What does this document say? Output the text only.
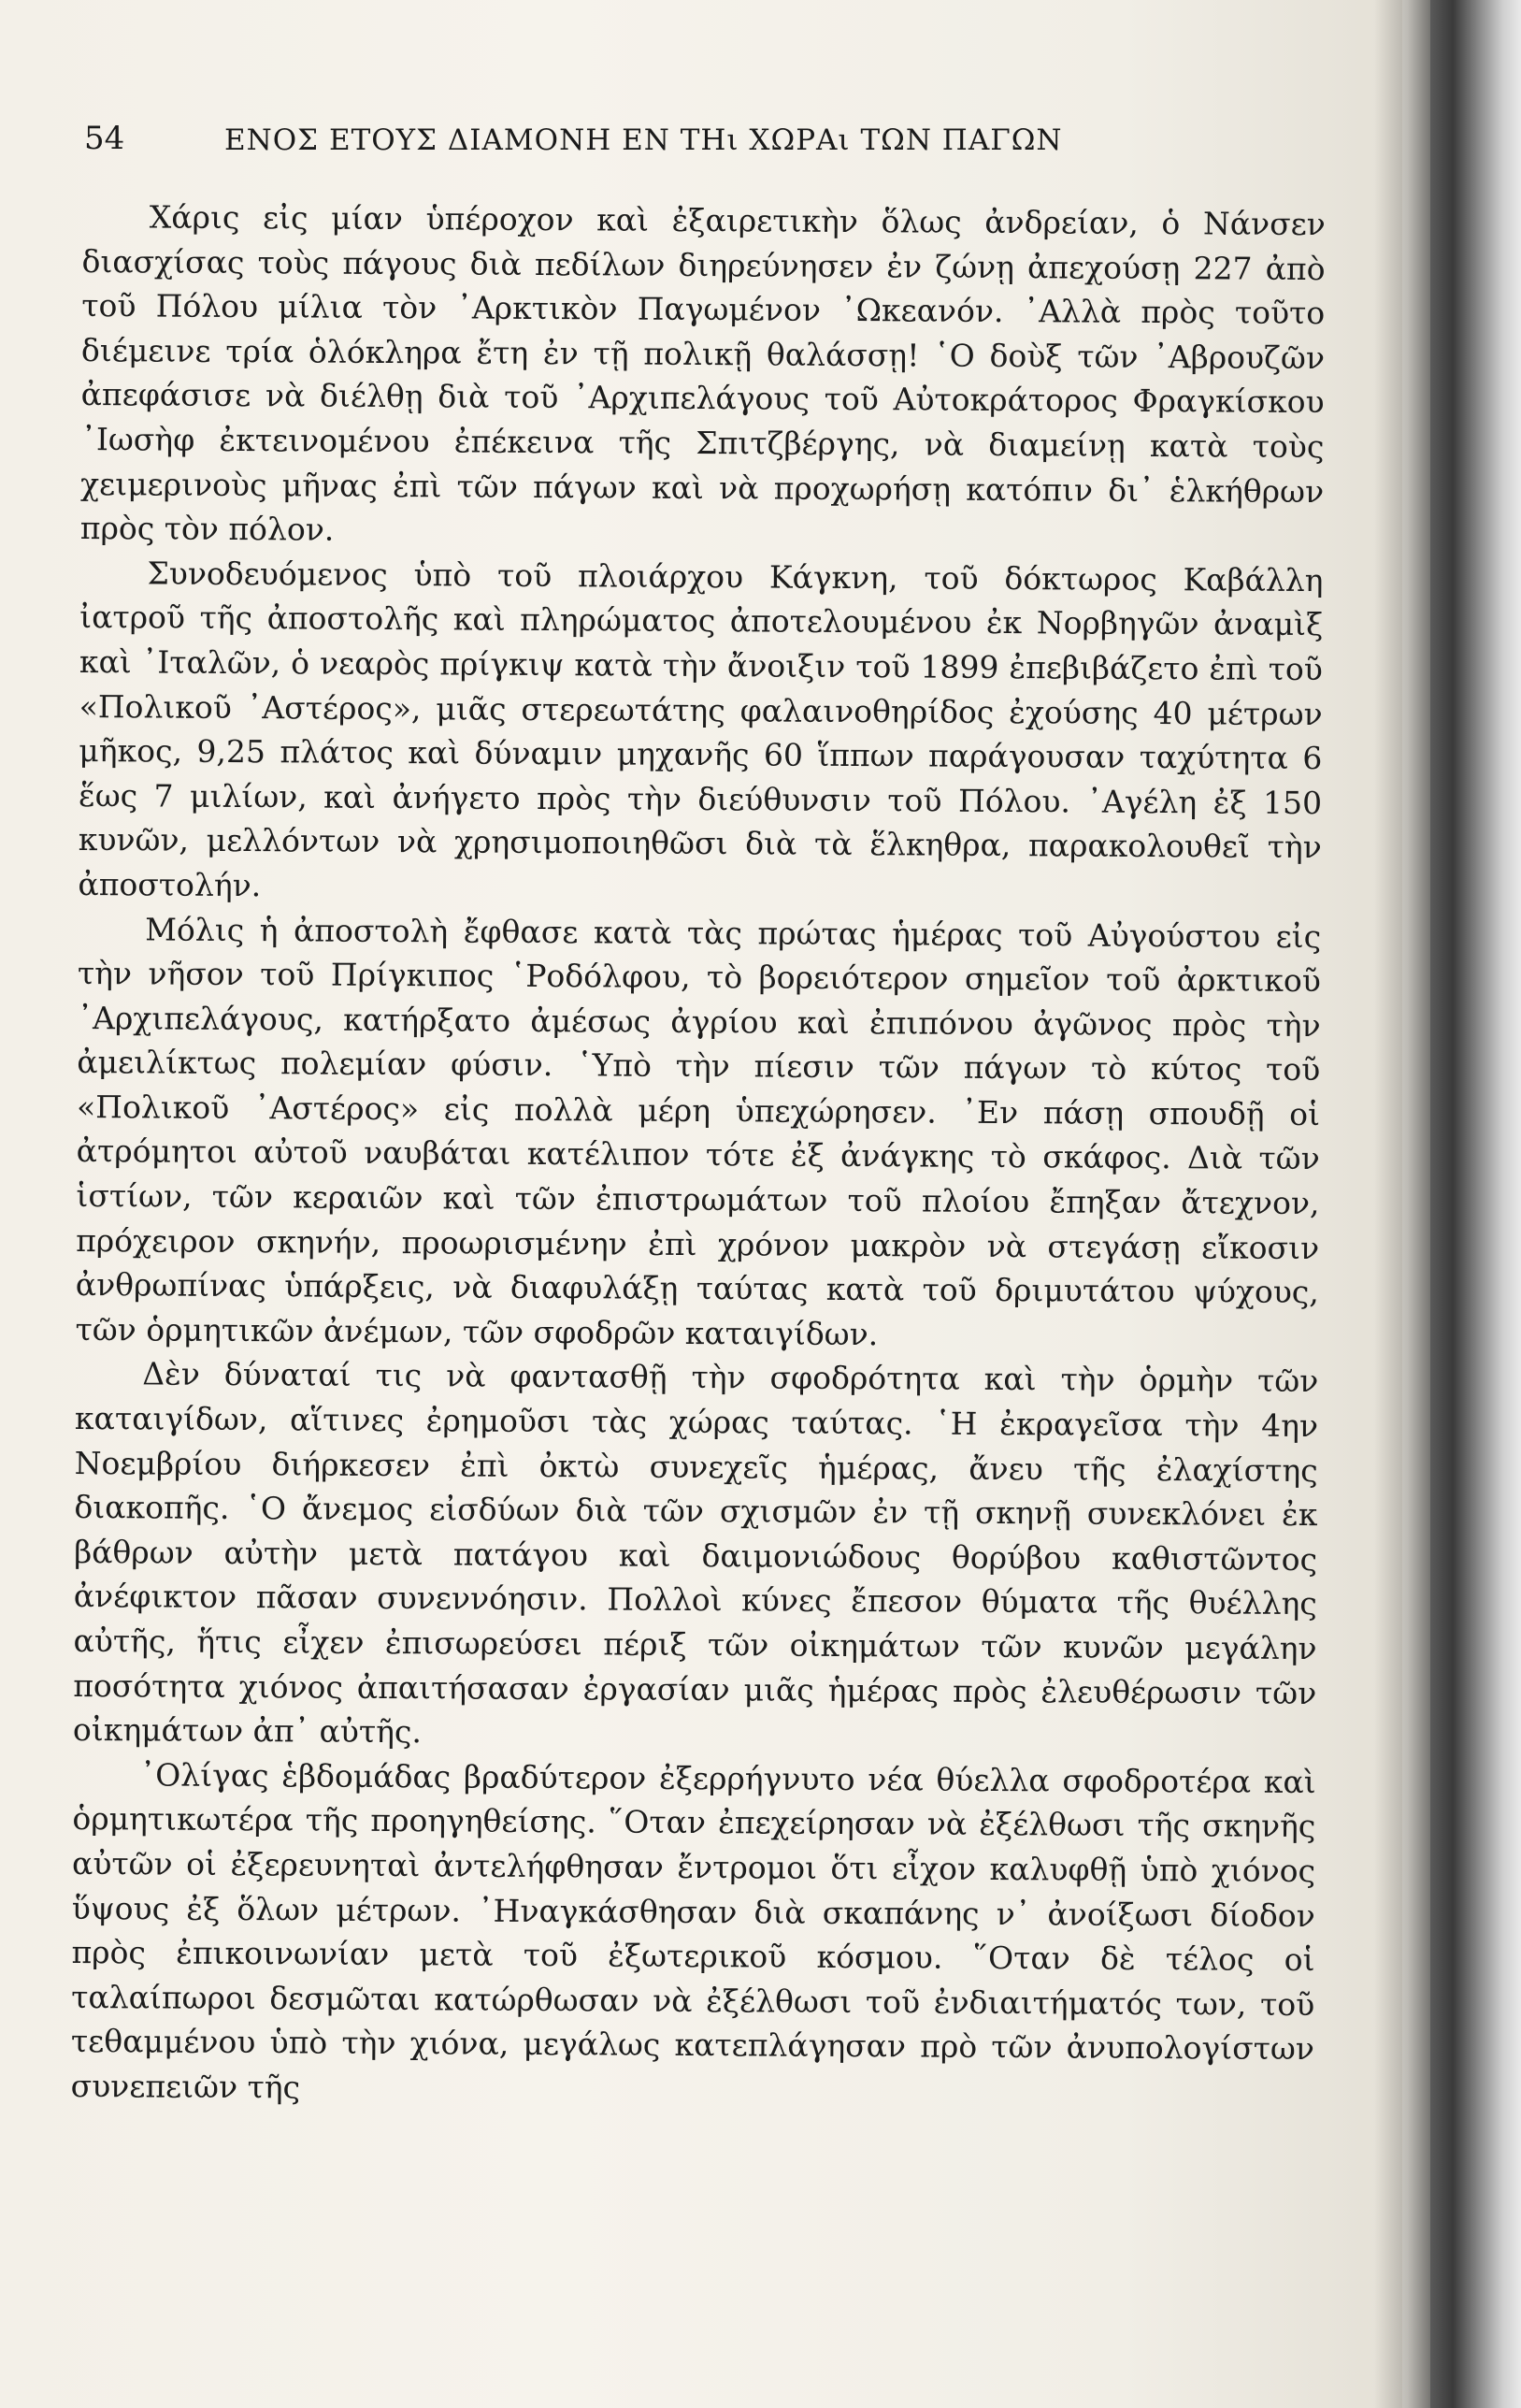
54	ΕΝΟΣ ΕΤΟΥΣ ΔΙΑΜΟΝΗ ΕΝ ΤΗι ΧΩΡΑι ΤΩΝ ΠΑΓΩΝ

Χάρις εἰς μίαν ὑπέροχον καὶ ἐξαιρετικὴν ὅλως ἀνδρείαν, ὁ Νάνσεν διασχίσας τοὺς πάγους διὰ πεδίλων διηρεύνησεν ἐν ζώνῃ ἀπεχούσῃ 227 ἀπὸ τοῦ Πόλου μίλια τὸν ᾿Αρκτικὸν Παγωμένον ᾿Ωκεανόν. ᾿Αλλὰ πρὸς τοῦτο διέμεινε τρία ὁλόκληρα ἔτη ἐν τῇ πολικῇ θαλάσσῃ! ῾Ο δοὺξ τῶν ᾿Αβρουζῶν ἀπεφάσισε νὰ διέλθῃ διὰ τοῦ ᾿Αρχιπελάγους τοῦ Αὐτοκράτορος Φραγκίσκου ᾿Ιωσὴφ ἐκτεινομένου ἐπέκεινα τῆς Σπιτζβέργης, νὰ διαμείνῃ κατὰ τοὺς χειμερινοὺς μῆνας ἐπὶ τῶν πάγων καὶ νὰ προχωρήσῃ κατόπιν δι᾿ ἑλκήθρων πρὸς τὸν πόλον.

Συνοδευόμενος ὑπὸ τοῦ πλοιάρχου Κάγκνη, τοῦ δόκτωρος Καβάλλη ἰατροῦ τῆς ἀποστολῆς καὶ πληρώματος ἀποτελουμένου ἐκ Νορβηγῶν ἀναμὶξ καὶ ᾿Ιταλῶν, ὁ νεαρὸς πρίγκιψ κατὰ τὴν ἄνοιξιν τοῦ 1899 ἐπεβιβάζετο ἐπὶ τοῦ «Πολικοῦ ᾿Αστέρος», μιᾶς στερεωτάτης φαλαινοθηρίδος ἐχούσης 40 μέτρων μῆκος, 9,25 πλάτος καὶ δύναμιν μηχανῆς 60 ἵππων παράγουσαν ταχύτητα 6 ἕως 7 μιλίων, καὶ ἀνήγετο πρὸς τὴν διεύθυνσιν τοῦ Πόλου. ᾿Αγέλη ἐξ 150 κυνῶν, μελλόντων νὰ χρησιμοποιηθῶσι διὰ τὰ ἕλκηθρα, παρακολουθεῖ τὴν ἀποστολήν.

Μόλις ἡ ἀποστολὴ ἔφθασε κατὰ τὰς πρώτας ἡμέρας τοῦ Αὐγούστου εἰς τὴν νῆσον τοῦ Πρίγκιπος ῾Ροδόλφου, τὸ βορειότερον σημεῖον τοῦ ἀρκτικοῦ ᾿Αρχιπελάγους, κατήρξατο ἀμέσως ἀγρίου καὶ ἐπιπόνου ἀγῶνος πρὸς τὴν ἀμειλίκτως πολεμίαν φύσιν. ῾Υπὸ τὴν πίεσιν τῶν πάγων τὸ κύτος τοῦ «Πολικοῦ ᾿Αστέρος» εἰς πολλὰ μέρη ὑπεχώρησεν. ᾿Εν πάσῃ σπουδῇ οἱ ἀτρόμητοι αὐτοῦ ναυβάται κατέλιπον τότε ἐξ ἀνάγκης τὸ σκάφος. Διὰ τῶν ἱστίων, τῶν κεραιῶν καὶ τῶν ἐπιστρωμάτων τοῦ πλοίου ἔπηξαν ἄτεχνον, πρόχειρον σκηνήν, προωρισμένην ἐπὶ χρόνον μακρὸν νὰ στεγάσῃ εἴκοσιν ἀνθρωπίνας ὑπάρξεις, νὰ διαφυλάξῃ ταύτας κατὰ τοῦ δριμυτάτου ψύχους, τῶν ὁρμητικῶν ἀνέμων, τῶν σφοδρῶν καταιγίδων.

Δὲν δύναταί τις νὰ φαντασθῇ τὴν σφοδρότητα καὶ τὴν ὁρμὴν τῶν καταιγίδων, αἵτινες ἐρημοῦσι τὰς χώρας ταύτας. ῾Η ἐκραγεῖσα τὴν 4ην Νοεμβρίου διήρκεσεν ἐπὶ ὀκτὼ συνεχεῖς ἡμέρας, ἄνευ τῆς ἐλαχίστης διακοπῆς. ῾Ο ἄνεμος εἰσδύων διὰ τῶν σχισμῶν ἐν τῇ σκηνῇ συνεκλόνει ἐκ βάθρων αὐτὴν μετὰ πατάγου καὶ δαιμονιώδους θορύβου καθιστῶντος ἀνέφικτον πᾶσαν συνεννόησιν. Πολλοὶ κύνες ἔπεσον θύματα τῆς θυέλλης αὐτῆς, ἥτις εἶχεν ἐπισωρεύσει πέριξ τῶν οἰκημάτων τῶν κυνῶν μεγάλην ποσότητα χιόνος ἀπαιτήσασαν ἐργασίαν μιᾶς ἡμέρας πρὸς ἐλευθέρωσιν τῶν οἰκημάτων ἀπ᾿ αὐτῆς.

᾿Ολίγας ἑβδομάδας βραδύτερον ἐξερρήγνυτο νέα θύελλα σφοδροτέρα καὶ ὁρμητικωτέρα τῆς προηγηθείσης. ῞Οταν ἐπεχείρησαν νὰ ἐξέλθωσι τῆς σκηνῆς αὐτῶν οἱ ἐξερευνηταὶ ἀντελήφθησαν ἔντρομοι ὅτι εἶχον καλυφθῇ ὑπὸ χιόνος ὕψους ἐξ ὅλων μέτρων. ᾿Ηναγκάσθησαν διὰ σκαπάνης ν᾿ ἀνοίξωσι δίοδον πρὸς ἐπικοινωνίαν μετὰ τοῦ ἐξωτερικοῦ κόσμου. ῞Οταν δὲ τέλος οἱ ταλαίπωροι δεσμῶται κατώρθωσαν νὰ ἐξέλθωσι τοῦ ἐνδιαιτήματός των, τοῦ τεθαμμένου ὑπὸ τὴν χιόνα, μεγάλως κατεπλάγησαν πρὸ τῶν ἀνυπολογίστων συνεπειῶν τῆς
